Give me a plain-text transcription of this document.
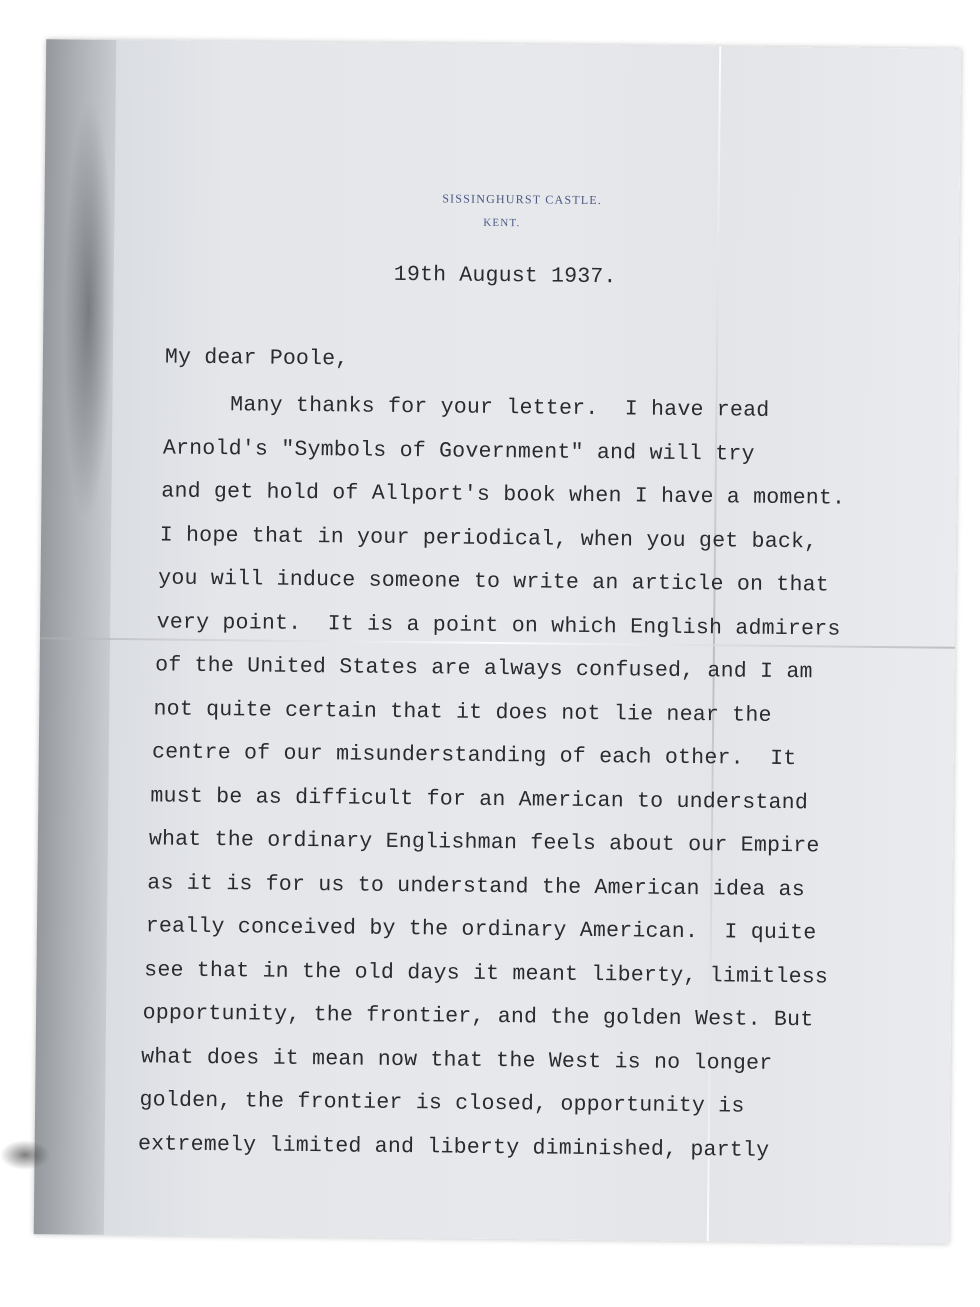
SISSINGHURST CASTLE.
KENT.
19th August 1937.
My dear Poole,
Many thanks for your letter.  I have read
Arnold's "Symbols of Government" and will try
and get hold of Allport's book when I have a moment.
I hope that in your periodical, when you get back,
you will induce someone to write an article on that
very point.  It is a point on which English admirers
of the United States are always confused, and I am
not quite certain that it does not lie near the
centre of our misunderstanding of each other.  It
must be as difficult for an American to understand
what the ordinary Englishman feels about our Empire
as it is for us to understand the American idea as
really conceived by the ordinary American.  I quite
see that in the old days it meant liberty, limitless
opportunity, the frontier, and the golden West. But
what does it mean now that the West is no longer
golden, the frontier is closed, opportunity is
extremely limited and liberty diminished, partly
